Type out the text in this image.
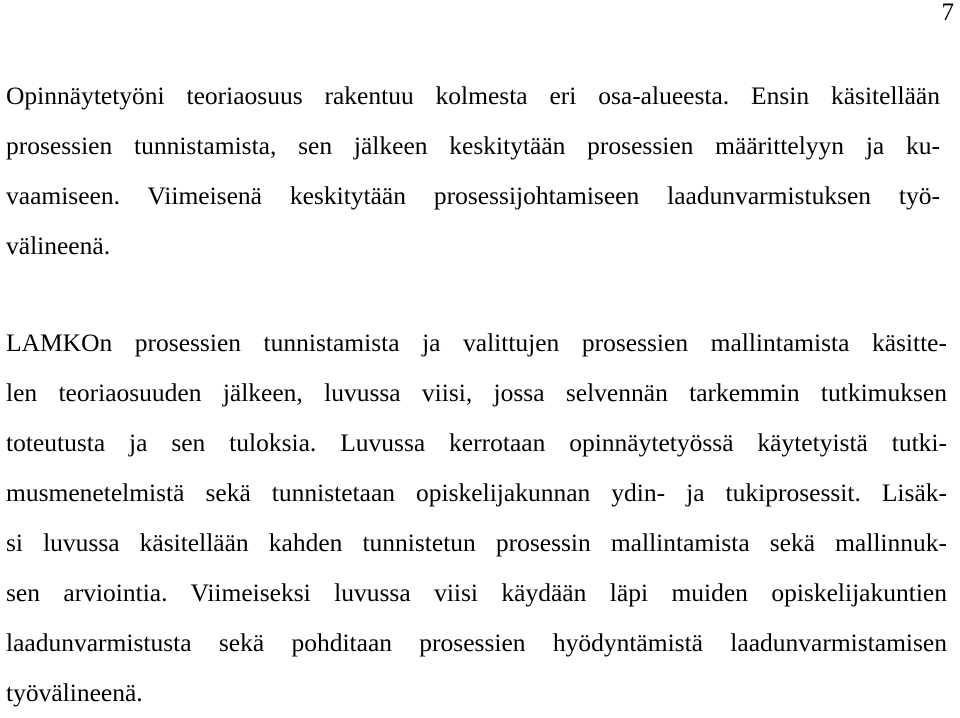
7
Opinnäytetyöni teoriaosuus rakentuu kolmesta eri osa-alueesta. Ensin käsitellään
prosessien tunnistamista, sen jälkeen keskitytään prosessien määrittelyyn ja ku-
vaamiseen. Viimeisenä keskitytään prosessijohtamiseen laadunvarmistuksen työ-
välineenä.
LAMKOn prosessien tunnistamista ja valittujen prosessien mallintamista käsitte-
len teoriaosuuden jälkeen, luvussa viisi, jossa selvennän tarkemmin tutkimuksen
toteutusta ja sen tuloksia. Luvussa kerrotaan opinnäytetyössä käytetyistä tutki-
musmenetelmistä sekä tunnistetaan opiskelijakunnan ydin- ja tukiprosessit. Lisäk-
si luvussa käsitellään kahden tunnistetun prosessin mallintamista sekä mallinnuk-
sen arviointia. Viimeiseksi luvussa viisi käydään läpi muiden opiskelijakuntien
laadunvarmistusta sekä pohditaan prosessien hyödyntämistä laadunvarmistamisen
työvälineenä.
